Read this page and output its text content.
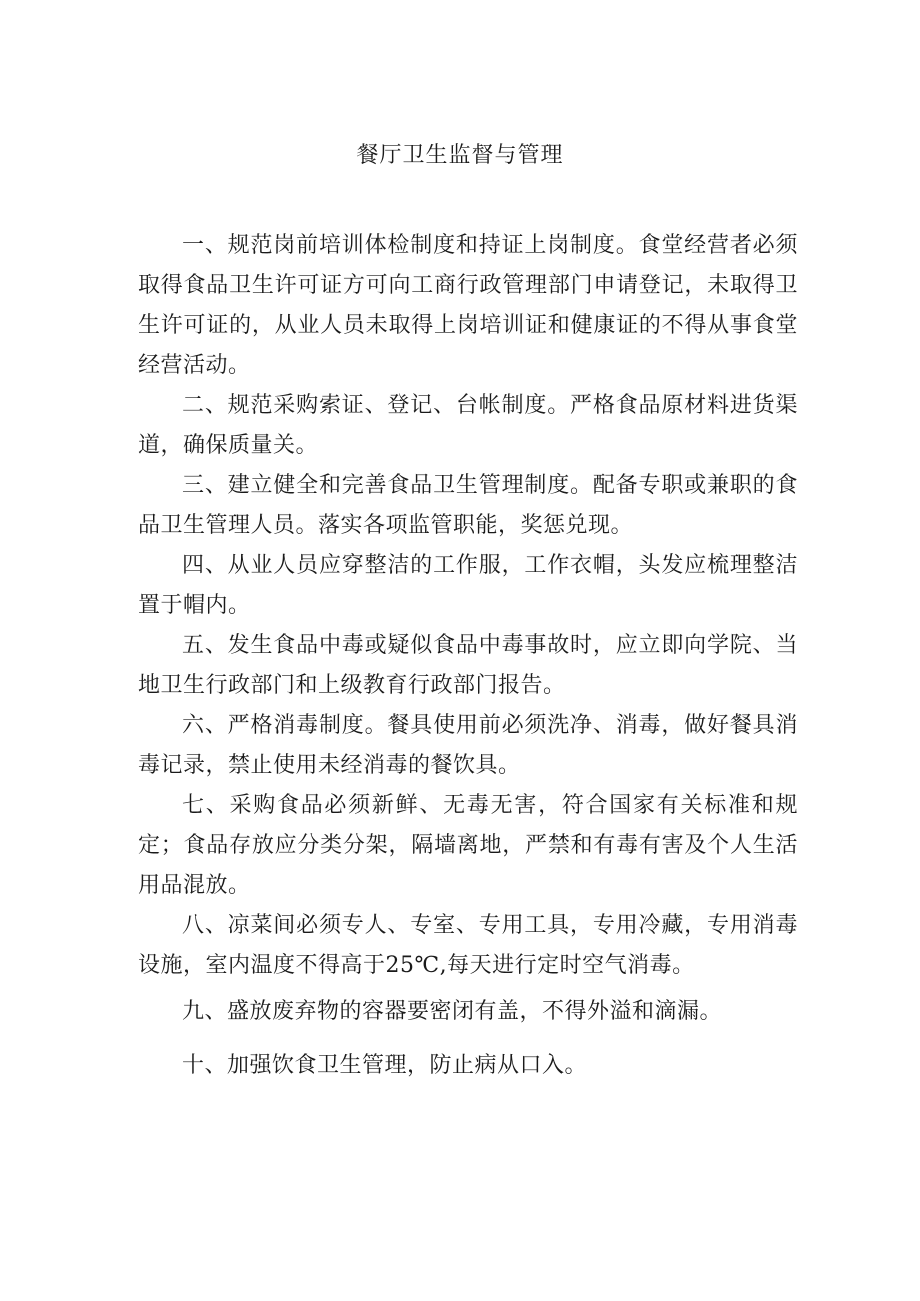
餐厅卫生监督与管理

一、规范岗前培训体检制度和持证上岗制度。食堂经营者必须取得食品卫生许可证方可向工商行政管理部门申请登记，未取得卫生许可证的，从业人员未取得上岗培训证和健康证的不得从事食堂经营活动。

二、规范采购索证、登记、台帐制度。严格食品原材料进货渠道，确保质量关。

三、建立健全和完善食品卫生管理制度。配备专职或兼职的食品卫生管理人员。落实各项监管职能，奖惩兑现。

四、从业人员应穿整洁的工作服，工作衣帽，头发应梳理整洁置于帽内。

五、发生食品中毒或疑似食品中毒事故时，应立即向学院、当地卫生行政部门和上级教育行政部门报告。

六、严格消毒制度。餐具使用前必须洗净、消毒，做好餐具消毒记录，禁止使用未经消毒的餐饮具。

七、采购食品必须新鲜、无毒无害，符合国家有关标准和规定；食品存放应分类分架，隔墙离地，严禁和有毒有害及个人生活用品混放。

八、凉菜间必须专人、专室、专用工具，专用冷藏，专用消毒设施，室内温度不得高于25℃,每天进行定时空气消毒。

九、盛放废弃物的容器要密闭有盖，不得外溢和滴漏。

十、加强饮食卫生管理，防止病从口入。
